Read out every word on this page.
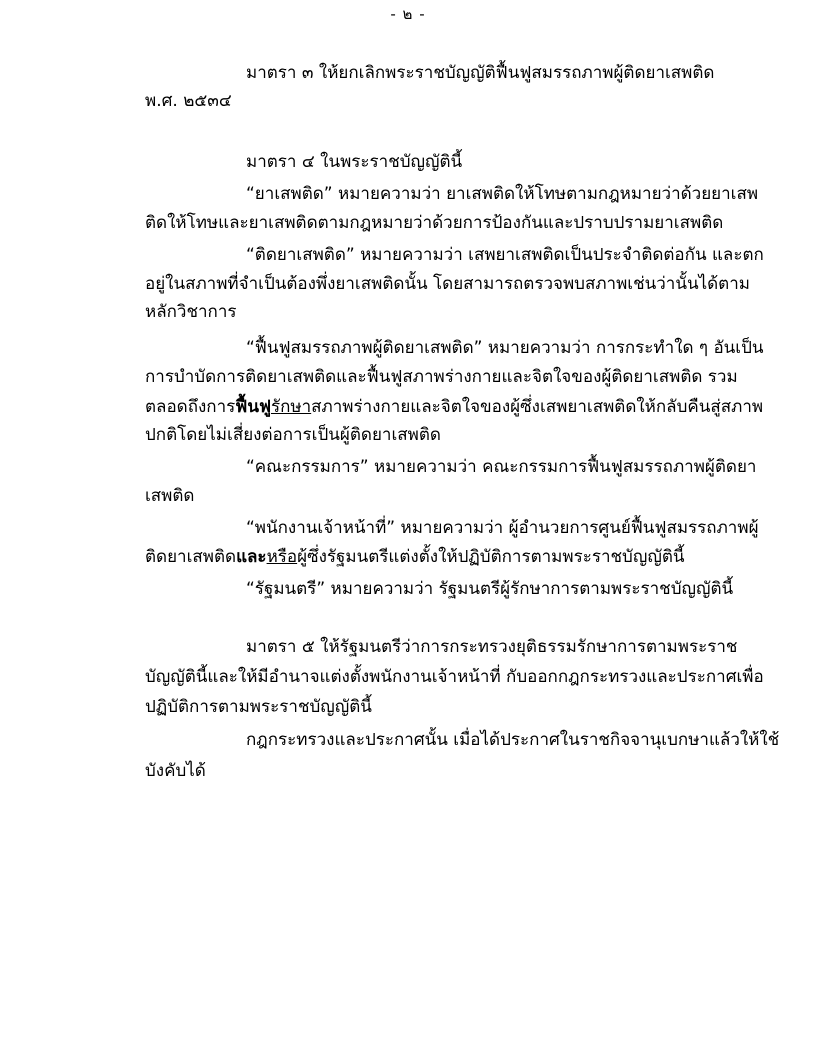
- ๒ -
มาตรา ๓ ให้ยกเลิกพระราชบัญญัติฟื้นฟูสมรรถภาพผู้ติดยาเสพติด
พ.ศ. ๒๕๓๔
มาตรา ๔ ในพระราชบัญญัตินี้
“ยาเสพติด” หมายความว่า ยาเสพติดให้โทษตามกฎหมายว่าด้วยยาเสพ
ติดให้โทษและยาเสพติดตามกฎหมายว่าด้วยการป้องกันและปราบปรามยาเสพติด
“ติดยาเสพติด” หมายความว่า เสพยาเสพติดเป็นประจำติดต่อกัน และตก
อยู่ในสภาพที่จำเป็นต้องพึ่งยาเสพติดนั้น โดยสามารถตรวจพบสภาพเช่นว่านั้นได้ตาม
หลักวิชาการ
“ฟื้นฟูสมรรถภาพผู้ติดยาเสพติด” หมายความว่า การกระทำใด ๆ อันเป็น
การบำบัดการติดยาเสพติดและฟื้นฟูสภาพร่างกายและจิตใจของผู้ติดยาเสพติด รวม
ตลอดถึงการฟื้นฟูรักษาสภาพร่างกายและจิตใจของผู้ซึ่งเสพยาเสพติดให้กลับคืนสู่สภาพ
ปกติโดยไม่เสี่ยงต่อการเป็นผู้ติดยาเสพติด
“คณะกรรมการ” หมายความว่า คณะกรรมการฟื้นฟูสมรรถภาพผู้ติดยา
เสพติด
“พนักงานเจ้าหน้าที่” หมายความว่า ผู้อำนวยการศูนย์ฟื้นฟูสมรรถภาพผู้
ติดยาเสพติดและหรือผู้ซึ่งรัฐมนตรีแต่งตั้งให้ปฏิบัติการตามพระราชบัญญัตินี้
“รัฐมนตรี” หมายความว่า รัฐมนตรีผู้รักษาการตามพระราชบัญญัตินี้
มาตรา ๕ ให้รัฐมนตรีว่าการกระทรวงยุติธรรมรักษาการตามพระราช
บัญญัตินี้และให้มีอำนาจแต่งตั้งพนักงานเจ้าหน้าที่ กับออกกฎกระทรวงและประกาศเพื่อ
ปฏิบัติการตามพระราชบัญญัตินี้
กฎกระทรวงและประกาศนั้น เมื่อได้ประกาศในราชกิจจานุเบกษาแล้วให้ใช้
บังคับได้
